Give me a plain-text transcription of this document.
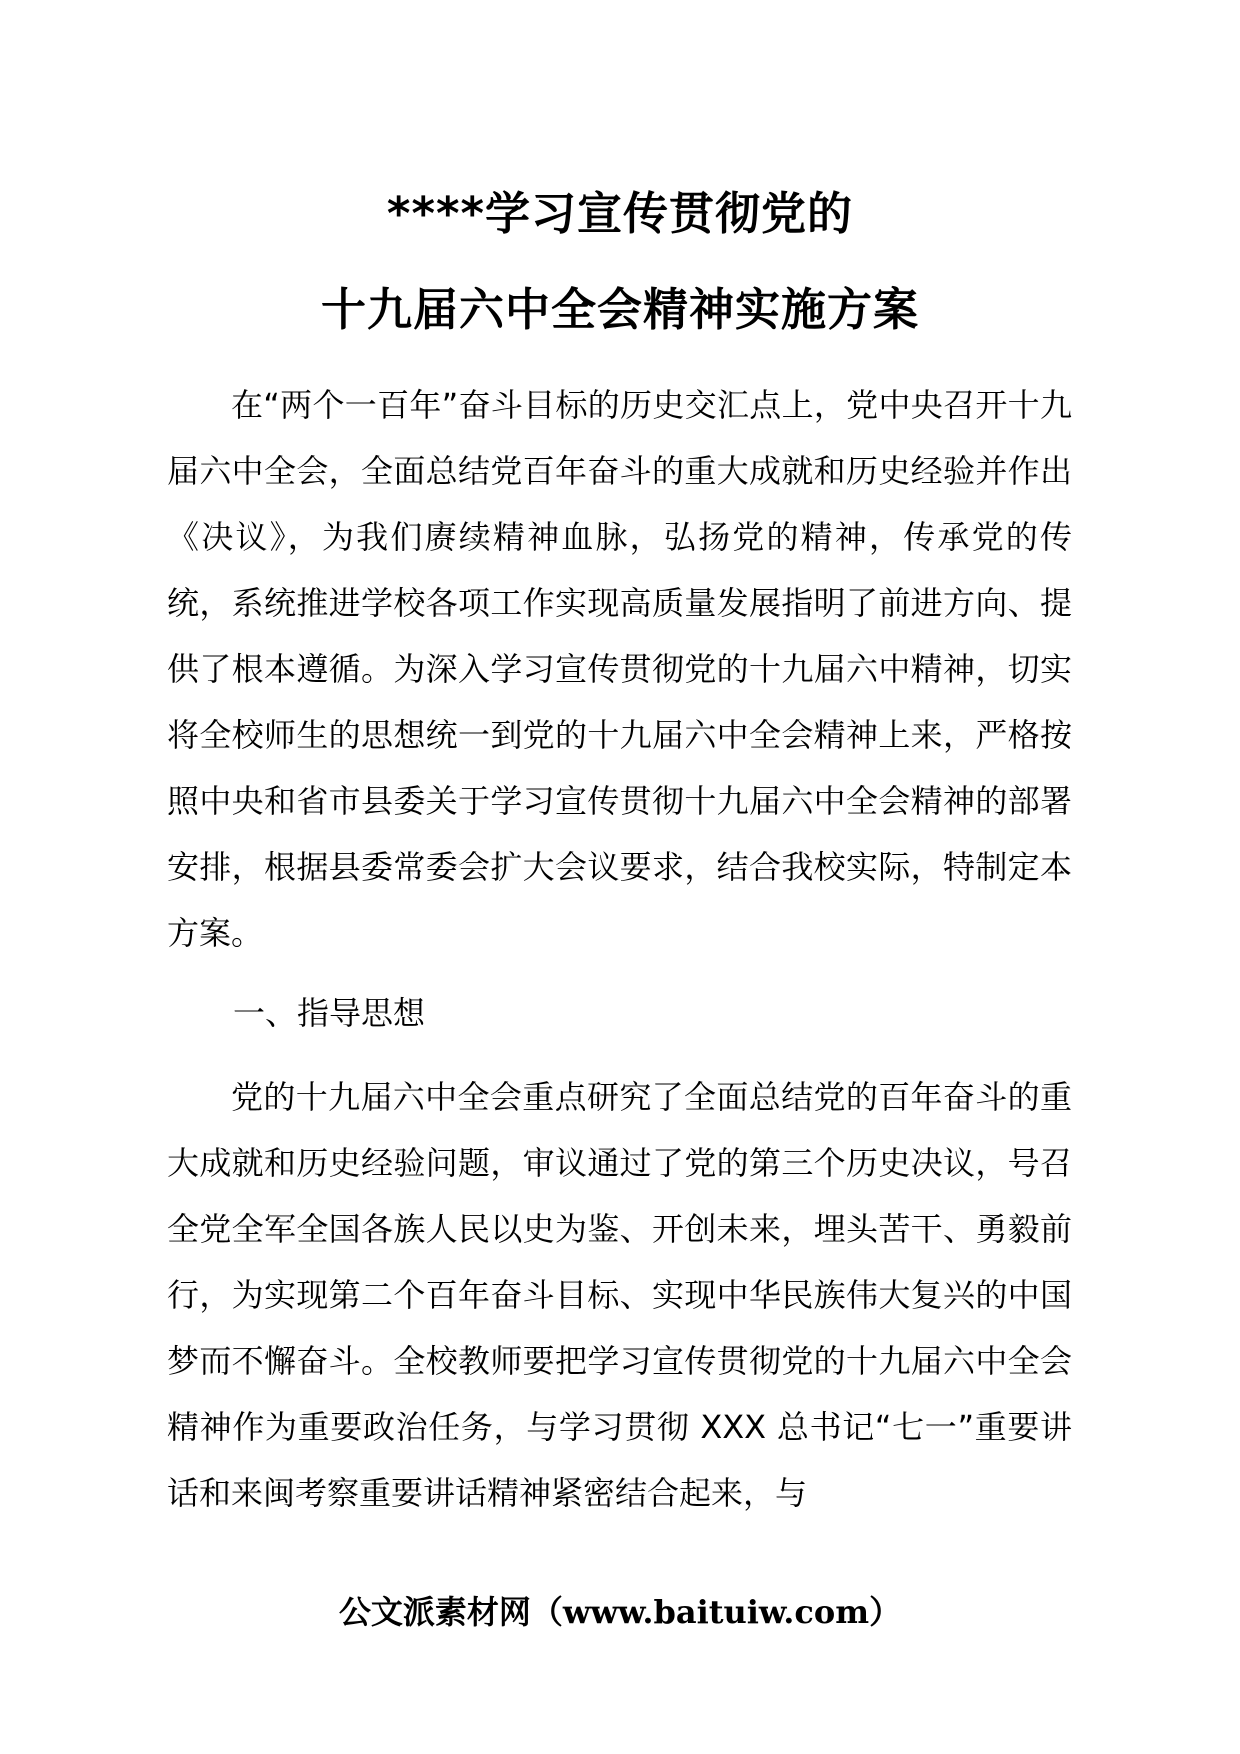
****学习宣传贯彻党的
十九届六中全会精神实施方案

在“两个一百年”奋斗目标的历史交汇点上，党中央召开十九届六中全会，全面总结党百年奋斗的重大成就和历史经验并作出《决议》，为我们赓续精神血脉，弘扬党的精神，传承党的传统，系统推进学校各项工作实现高质量发展指明了前进方向、提供了根本遵循。为深入学习宣传贯彻党的十九届六中精神，切实将全校师生的思想统一到党的十九届六中全会精神上来，严格按照中央和省市县委关于学习宣传贯彻十九届六中全会精神的部署安排，根据县委常委会扩大会议要求，结合我校实际，特制定本方案。

一、指导思想

党的十九届六中全会重点研究了全面总结党的百年奋斗的重大成就和历史经验问题，审议通过了党的第三个历史决议，号召全党全军全国各族人民以史为鉴、开创未来，埋头苦干、勇毅前行，为实现第二个百年奋斗目标、实现中华民族伟大复兴的中国梦而不懈奋斗。全校教师要把学习宣传贯彻党的十九届六中全会精神作为重要政治任务，与学习贯彻 XXX 总书记“七一”重要讲话和来闽考察重要讲话精神紧密结合起来，与

公文派素材网（www.baituiw.com）
